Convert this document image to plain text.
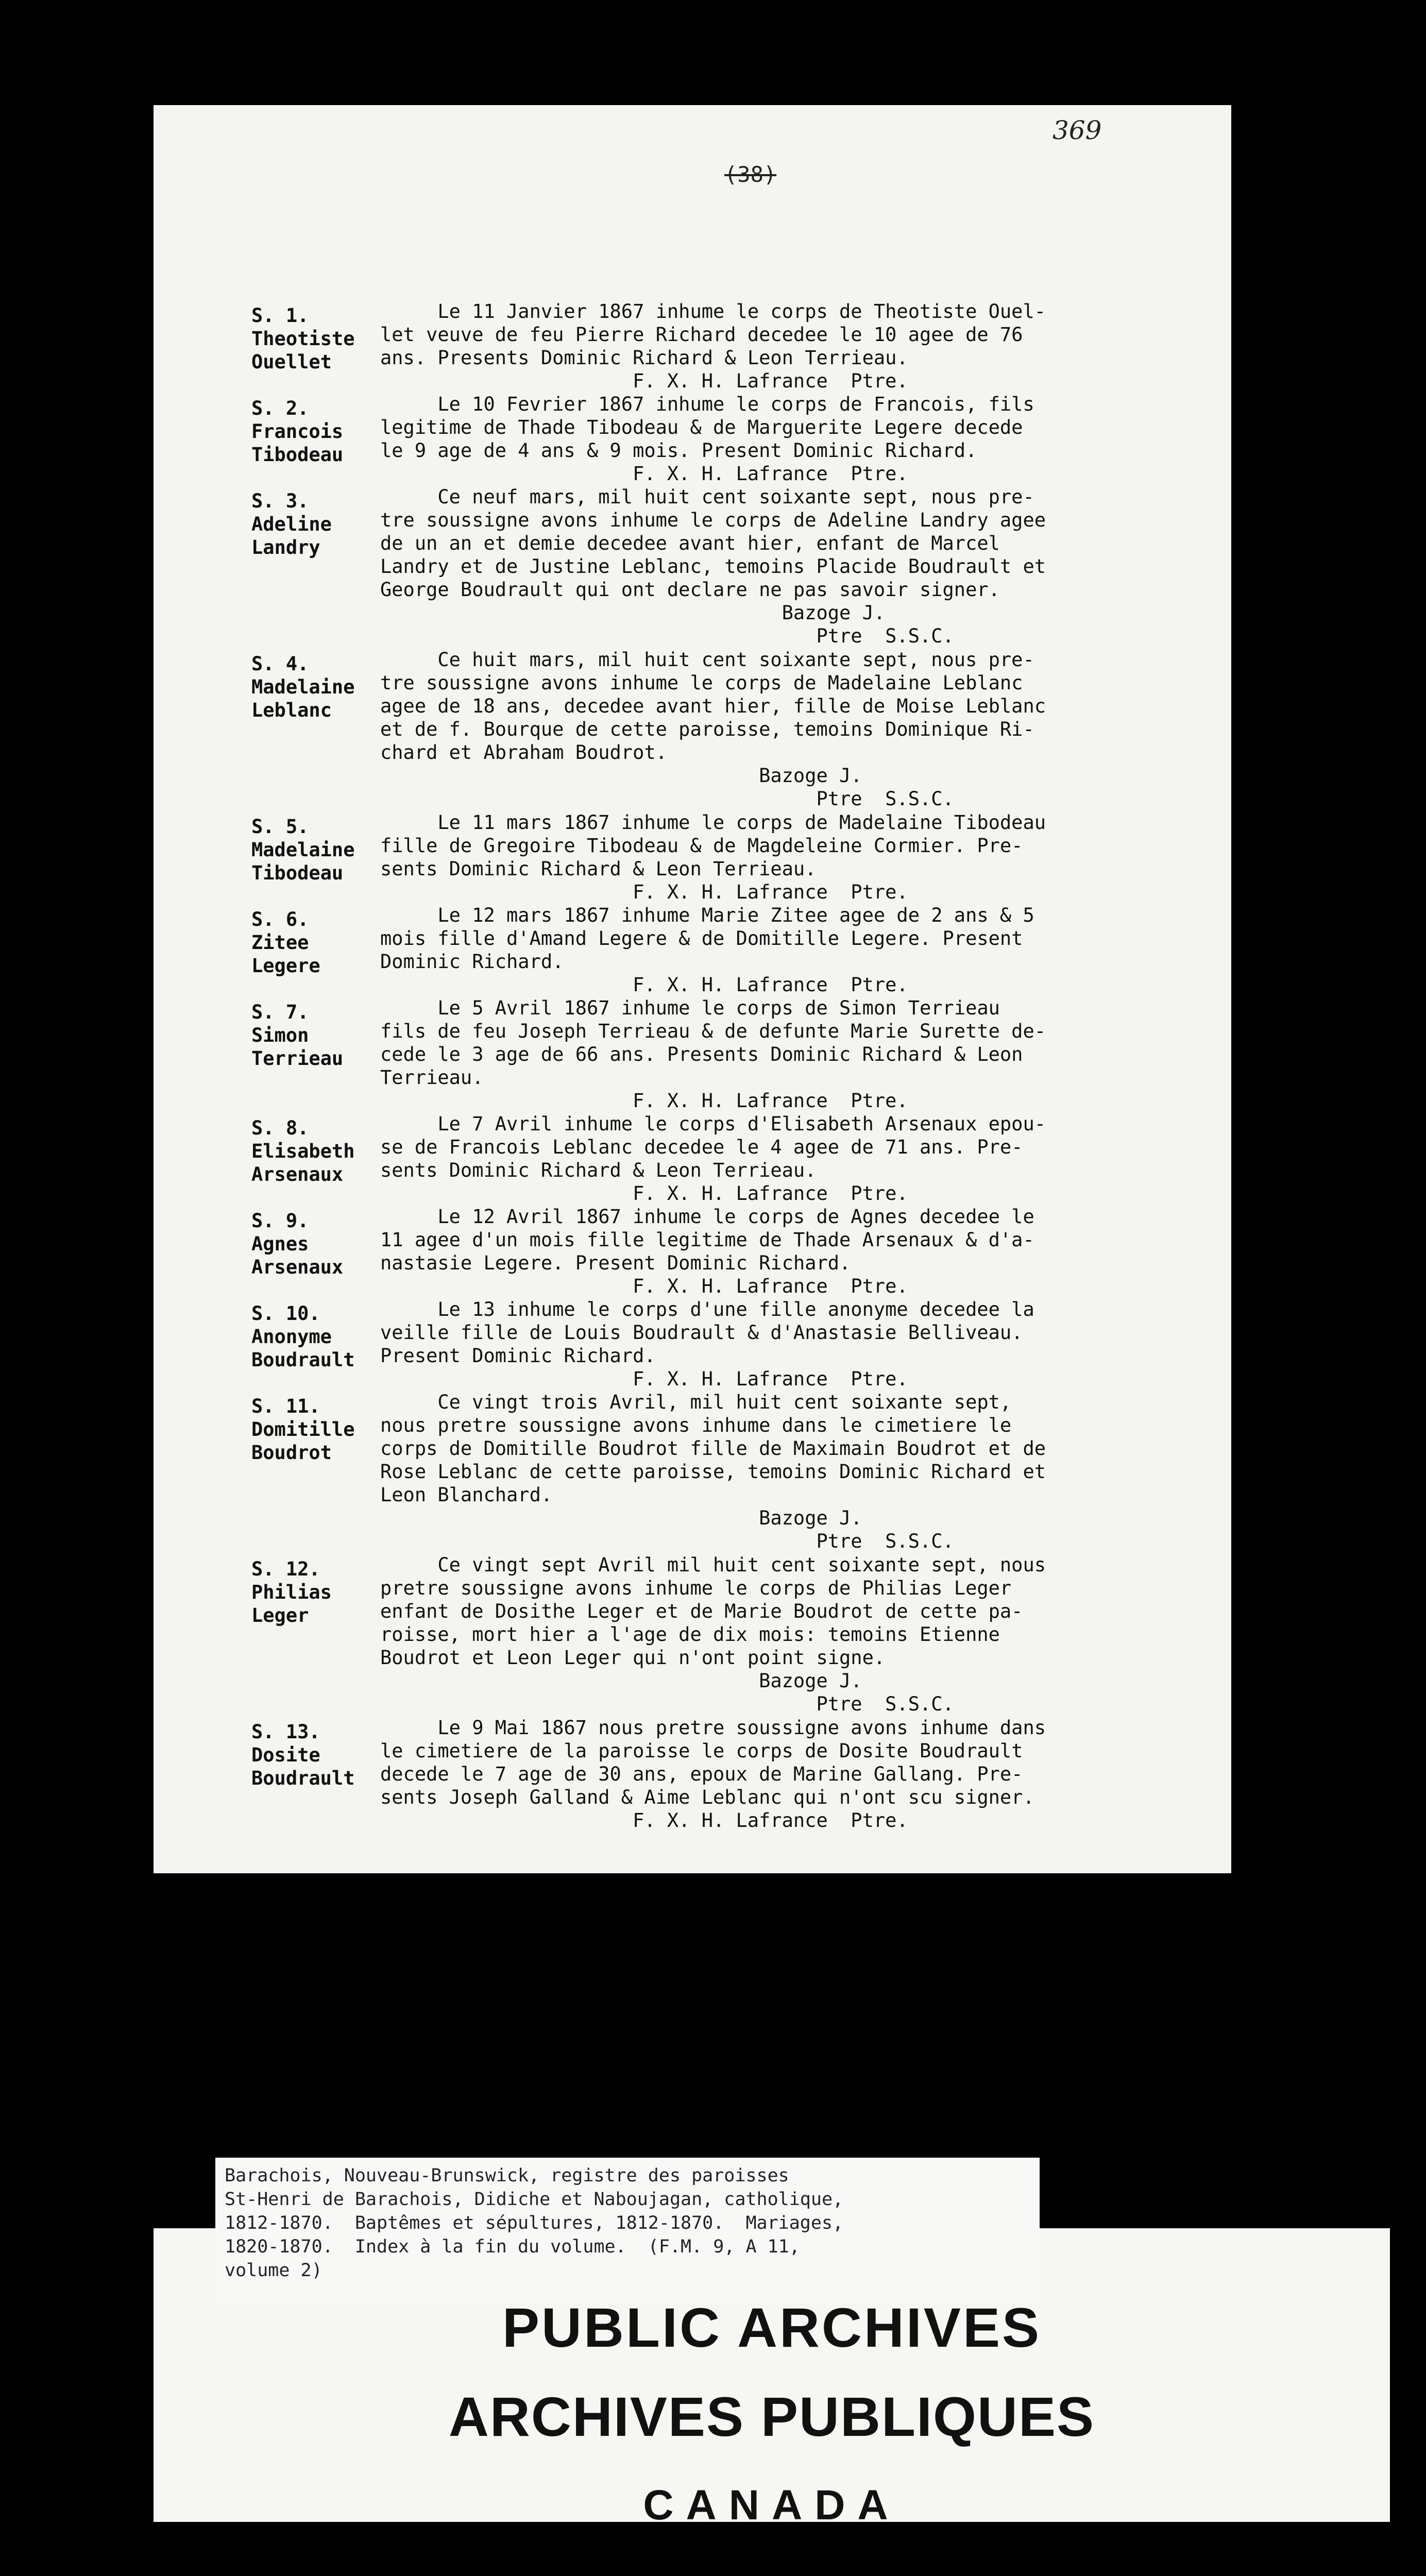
369
(38)
S. 1.
Theotiste
Ouellet
Le 11 Janvier 1867 inhume le corps de Theotiste Ouel-
let veuve de feu Pierre Richard decedee le 10 agee de 76
ans. Presents Dominic Richard & Leon Terrieau.
F. X. H. Lafrance  Ptre.
S. 2.
Francois
Tibodeau
Le 10 Fevrier 1867 inhume le corps de Francois, fils
legitime de Thade Tibodeau & de Marguerite Legere decede
le 9 age de 4 ans & 9 mois. Present Dominic Richard.
F. X. H. Lafrance  Ptre.
S. 3.
Adeline
Landry
Ce neuf mars, mil huit cent soixante sept, nous pre-
tre soussigne avons inhume le corps de Adeline Landry agee
de un an et demie decedee avant hier, enfant de Marcel
Landry et de Justine Leblanc, temoins Placide Boudrault et
George Boudrault qui ont declare ne pas savoir signer.
Bazoge J.
Ptre  S.S.C.
S. 4.
Madelaine
Leblanc
Ce huit mars, mil huit cent soixante sept, nous pre-
tre soussigne avons inhume le corps de Madelaine Leblanc
agee de 18 ans, decedee avant hier, fille de Moise Leblanc
et de f. Bourque de cette paroisse, temoins Dominique Ri-
chard et Abraham Boudrot.
Bazoge J.
Ptre  S.S.C.
S. 5.
Madelaine
Tibodeau
Le 11 mars 1867 inhume le corps de Madelaine Tibodeau
fille de Gregoire Tibodeau & de Magdeleine Cormier. Pre-
sents Dominic Richard & Leon Terrieau.
F. X. H. Lafrance  Ptre.
S. 6.
Zitee
Legere
Le 12 mars 1867 inhume Marie Zitee agee de 2 ans & 5
mois fille d'Amand Legere & de Domitille Legere. Present
Dominic Richard.
F. X. H. Lafrance  Ptre.
S. 7.
Simon
Terrieau
Le 5 Avril 1867 inhume le corps de Simon Terrieau
fils de feu Joseph Terrieau & de defunte Marie Surette de-
cede le 3 age de 66 ans. Presents Dominic Richard & Leon
Terrieau.
F. X. H. Lafrance  Ptre.
S. 8.
Elisabeth
Arsenaux
Le 7 Avril inhume le corps d'Elisabeth Arsenaux epou-
se de Francois Leblanc decedee le 4 agee de 71 ans. Pre-
sents Dominic Richard & Leon Terrieau.
F. X. H. Lafrance  Ptre.
S. 9.
Agnes
Arsenaux
Le 12 Avril 1867 inhume le corps de Agnes decedee le
11 agee d'un mois fille legitime de Thade Arsenaux & d'a-
nastasie Legere. Present Dominic Richard.
F. X. H. Lafrance  Ptre.
S. 10.
Anonyme
Boudrault
Le 13 inhume le corps d'une fille anonyme decedee la
veille fille de Louis Boudrault & d'Anastasie Belliveau.
Present Dominic Richard.
F. X. H. Lafrance  Ptre.
S. 11.
Domitille
Boudrot
Ce vingt trois Avril, mil huit cent soixante sept,
nous pretre soussigne avons inhume dans le cimetiere le
corps de Domitille Boudrot fille de Maximain Boudrot et de
Rose Leblanc de cette paroisse, temoins Dominic Richard et
Leon Blanchard.
Bazoge J.
Ptre  S.S.C.
S. 12.
Philias
Leger
Ce vingt sept Avril mil huit cent soixante sept, nous
pretre soussigne avons inhume le corps de Philias Leger
enfant de Dosithe Leger et de Marie Boudrot de cette pa-
roisse, mort hier a l'age de dix mois: temoins Etienne
Boudrot et Leon Leger qui n'ont point signe.
Bazoge J.
Ptre  S.S.C.
S. 13.
Dosite
Boudrault
Le 9 Mai 1867 nous pretre soussigne avons inhume dans
le cimetiere de la paroisse le corps de Dosite Boudrault
decede le 7 age de 30 ans, epoux de Marine Gallang. Pre-
sents Joseph Galland & Aime Leblanc qui n'ont scu signer.
F. X. H. Lafrance  Ptre.
Barachois, Nouveau-Brunswick, registre des paroisses
St-Henri de Barachois, Didiche et Naboujagan, catholique,
1812-1870.  Baptêmes et sépultures, 1812-1870.  Mariages,
1820-1870.  Index à la fin du volume.  (F.M. 9, A 11,
volume 2)
PUBLIC ARCHIVES
ARCHIVES PUBLIQUES
CANADA
